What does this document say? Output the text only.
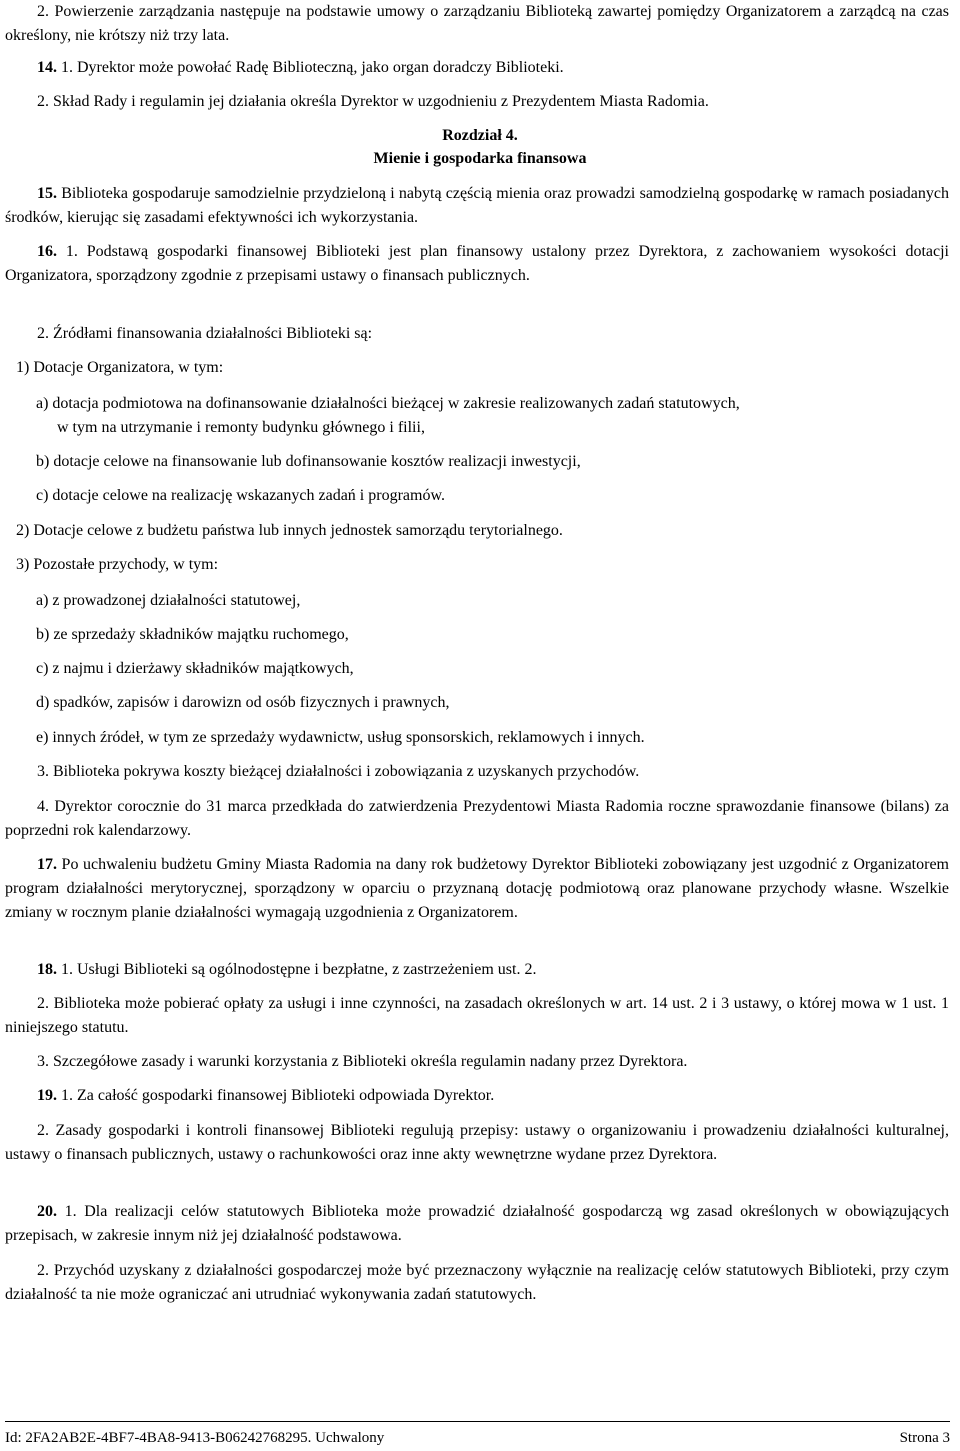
2. Powierzenie zarządzania następuje na podstawie umowy o zarządzaniu Biblioteką zawartej pomiędzy Organizatorem a zarządcą na czas określony, nie krótszy niż trzy lata.

14. 1. Dyrektor może powołać Radę Biblioteczną, jako organ doradczy Biblioteki.

2. Skład Rady i regulamin jej działania określa Dyrektor w uzgodnieniu z Prezydentem Miasta Radomia.

Rozdział 4.

Mienie i gospodarka finansowa

15. Biblioteka gospodaruje samodzielnie przydzieloną i nabytą częścią mienia oraz prowadzi samodzielną gospodarkę w ramach posiadanych środków, kierując się zasadami efektywności ich wykorzystania.

16. 1. Podstawą gospodarki finansowej Biblioteki jest plan finansowy ustalony przez Dyrektora, z zachowaniem wysokości dotacji Organizatora, sporządzony zgodnie z przepisami ustawy o finansach publicznych.

2. Źródłami finansowania działalności Biblioteki są:

1) Dotacje Organizatora, w tym:

a) dotacja podmiotowa na dofinansowanie działalności bieżącej w zakresie realizowanych zadań statutowych,
w tym na utrzymanie i remonty budynku głównego i filii,

b) dotacje celowe na finansowanie lub dofinansowanie kosztów realizacji inwestycji,

c) dotacje celowe na realizację wskazanych zadań i programów.

2) Dotacje celowe z budżetu państwa lub innych jednostek samorządu terytorialnego.

3) Pozostałe przychody, w tym:

a) z prowadzonej działalności statutowej,

b) ze sprzedaży składników majątku ruchomego,

c) z najmu i dzierżawy składników majątkowych,

d) spadków, zapisów i darowizn od osób fizycznych i prawnych,

e) innych źródeł, w tym ze sprzedaży wydawnictw, usług sponsorskich, reklamowych i innych.

3. Biblioteka pokrywa koszty bieżącej działalności i zobowiązania z uzyskanych przychodów.

4. Dyrektor corocznie do 31 marca przedkłada do zatwierdzenia Prezydentowi Miasta Radomia roczne sprawozdanie finansowe (bilans) za poprzedni rok kalendarzowy.

17. Po uchwaleniu budżetu Gminy Miasta Radomia na dany rok budżetowy Dyrektor Biblioteki zobowiązany jest uzgodnić z Organizatorem program działalności merytorycznej, sporządzony w oparciu o przyznaną dotację podmiotową oraz planowane przychody własne. Wszelkie zmiany w rocznym planie działalności wymagają uzgodnienia z Organizatorem.

18. 1. Usługi Biblioteki są ogólnodostępne i bezpłatne, z zastrzeżeniem ust. 2.

2. Biblioteka może pobierać opłaty za usługi i inne czynności, na zasadach określonych w art. 14 ust. 2 i 3 ustawy, o której mowa w 1 ust. 1 niniejszego statutu.

3. Szczegółowe zasady i warunki korzystania z Biblioteki określa regulamin nadany przez Dyrektora.

19. 1. Za całość gospodarki finansowej Biblioteki odpowiada Dyrektor.

2. Zasady gospodarki i kontroli finansowej Biblioteki regulują przepisy: ustawy o organizowaniu i prowadzeniu działalności kulturalnej, ustawy o finansach publicznych, ustawy o rachunkowości oraz inne akty wewnętrzne wydane przez Dyrektora.

20. 1. Dla realizacji celów statutowych Biblioteka może prowadzić działalność gospodarczą wg zasad określonych w obowiązujących przepisach, w zakresie innym niż jej działalność podstawowa.

2. Przychód uzyskany z działalności gospodarczej może być przeznaczony wyłącznie na realizację celów statutowych Biblioteki, przy czym działalność ta nie może ograniczać ani utrudniać wykonywania zadań statutowych.

Id: 2FA2AB2E-4BF7-4BA8-9413-B06242768295. Uchwalony	Strona 3
